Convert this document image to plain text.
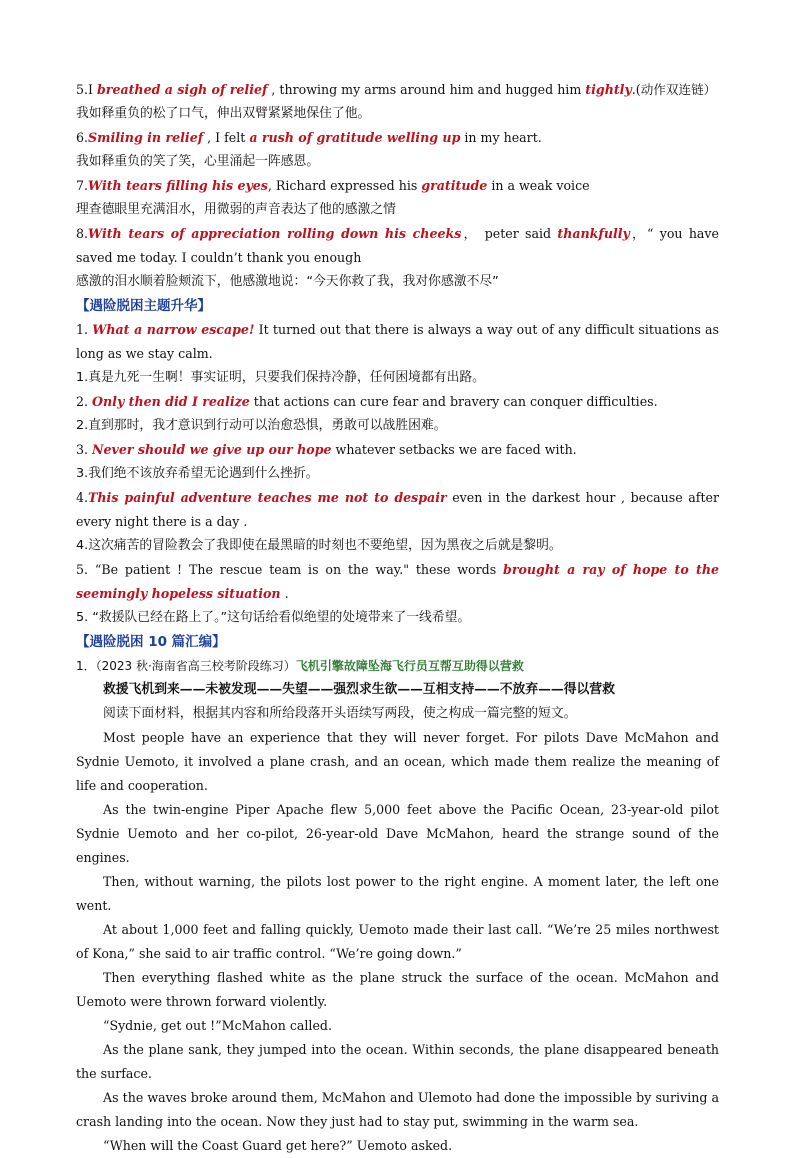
5.I breathed a sigh of relief , throwing my arms around him and hugged him tightly.(动作双连链）
我如释重负的松了口气，伸出双臂紧紧地保住了他。
6.Smiling in relief , I felt a rush of gratitude welling up in my heart.
我如释重负的笑了笑，心里涌起一阵感恩。
7.With tears filling his eyes, Richard expressed his gratitude in a weak voice
理查德眼里充满泪水，用微弱的声音表达了他的感激之情
8.With tears of appreciation rolling down his cheeks， peter said thankfully，“ you have saved me today. I couldn’t thank you enough
感激的泪水顺着脸颊流下，他感激地说：“今天你救了我，我对你感激不尽”
【遇险脱困主题升华】
1. What a narrow escape! It turned out that there is always a way out of any difficult situations as long as we stay calm.
1.真是九死一生啊！事实证明，只要我们保持冷静，任何困境都有出路。
2. Only then did I realize that actions can cure fear and bravery can conquer difficulties.
2.直到那时，我才意识到行动可以治愈恐惧，勇敢可以战胜困难。
3. Never should we give up our hope whatever setbacks we are faced with.
3.我们绝不该放弃希望无论遇到什么挫折。
4.This painful adventure teaches me not to despair even in the darkest hour , because after every night there is a day .
4.这次痛苦的冒险教会了我即使在最黑暗的时刻也不要绝望，因为黑夜之后就是黎明。
5. “Be patient ! The rescue team is on the way." these words brought a ray of hope to the seemingly hopeless situation .
5. “救援队已经在路上了。”这句话给看似绝望的处境带来了一线希望。
【遇险脱困 10 篇汇编】
1．（2023 秋·海南省高三校考阶段练习）飞机引擎故障坠海飞行员互帮互助得以营救
救援飞机到来——未被发现——失望——强烈求生欲——互相支持——不放弃——得以营救
阅读下面材料，根据其内容和所给段落开头语续写两段，使之构成一篇完整的短文。
Most people have an experience that they will never forget. For pilots Dave McMahon and Sydnie Uemoto, it involved a plane crash, and an ocean, which made them realize the meaning of life and cooperation.
As the twin-engine Piper Apache flew 5,000 feet above the Pacific Ocean, 23-year-old pilot Sydnie Uemoto and her co-pilot, 26-year-old Dave McMahon, heard the strange sound of the engines.
Then, without warning, the pilots lost power to the right engine. A moment later, the left one went.
At about 1,000 feet and falling quickly, Uemoto made their last call. “We’re 25 miles northwest of Kona,” she said to air traffic control. “We’re going down.”
Then everything flashed white as the plane struck the surface of the ocean. McMahon and Uemoto were thrown forward violently.
“Sydnie, get out !”McMahon called.
As the plane sank, they jumped into the ocean. Within seconds, the plane disappeared beneath the surface.
As the waves broke around them, McMahon and Ulemoto had done the impossible by suriving a crash landing into the ocean. Now they just had to stay put, swimming in the warm sea.
“When will the Coast Guard get here?” Uemoto asked.
